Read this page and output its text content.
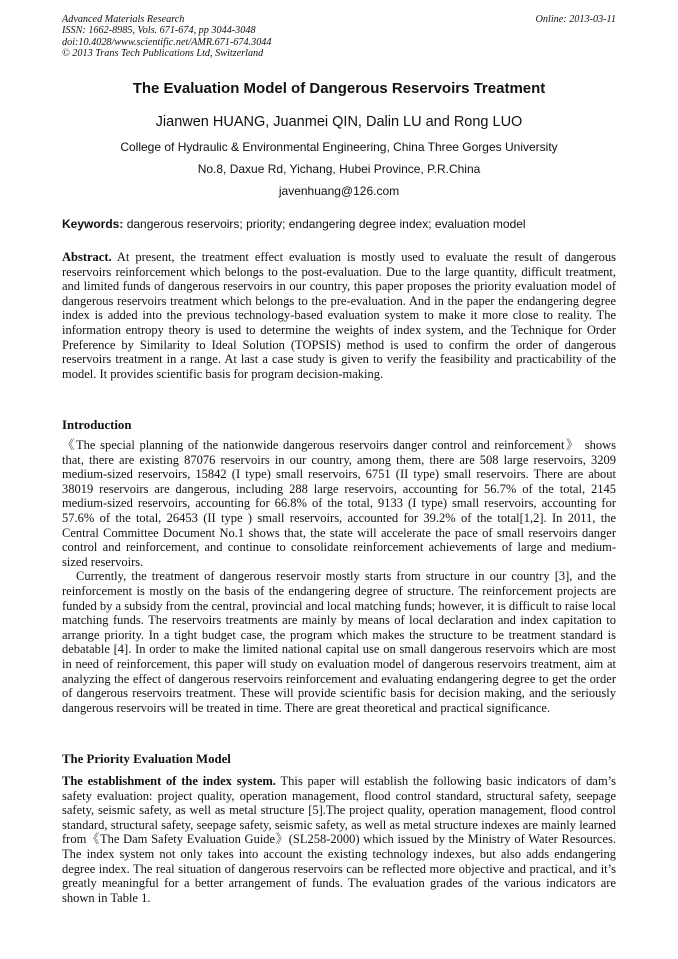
Advanced Materials Research
ISSN: 1662-8985, Vols. 671-674, pp 3044-3048
doi:10.4028/www.scientific.net/AMR.671-674.3044
© 2013 Trans Tech Publications Ltd, Switzerland
Online: 2013-03-11
The Evaluation Model of Dangerous Reservoirs Treatment
Jianwen HUANG, Juanmei QIN, Dalin LU and Rong LUO
College of Hydraulic & Environmental Engineering, China Three Gorges University
No.8, Daxue Rd, Yichang, Hubei Province, P.R.China
javenhuang@126.com
Keywords: dangerous reservoirs; priority; endangering degree index; evaluation model

Abstract. At present, the treatment effect evaluation is mostly used to evaluate the result of dangerous reservoirs reinforcement which belongs to the post-evaluation. Due to the large quantity, difficult treatment, and limited funds of dangerous reservoirs in our country, this paper proposes the priority evaluation model of dangerous reservoirs treatment which belongs to the pre-evaluation. And in the paper the endangering degree index is added into the previous technology-based evaluation system to make it more close to reality. The information entropy theory is used to determine the weights of index system, and the Technique for Order Preference by Similarity to Ideal Solution (TOPSIS) method is used to confirm the order of dangerous reservoirs treatment in a range. At last a case study is given to verify the feasibility and practicability of the model. It provides scientific basis for program decision-making.

Introduction

《The special planning of the nationwide dangerous reservoirs danger control and reinforcement》 shows that, there are existing 87076 reservoirs in our country, among them, there are 508 large reservoirs, 3209 medium-sized reservoirs, 15842 (I type) small reservoirs, 6751 (II type) small reservoirs. There are about 38019 reservoirs are dangerous, including 288 large reservoirs, accounting for 56.7% of the total, 2145 medium-sized reservoirs, accounting for 66.8% of the total, 9133 (I type) small reservoirs, accounting for 57.6% of the total, 26453 (II type ) small reservoirs, accounted for 39.2% of the total[1,2]. In 2011, the Central Committee Document No.1 shows that, the state will accelerate the pace of small reservoirs danger control and reinforcement, and continue to consolidate reinforcement achievements of large and medium-sized reservoirs.

Currently, the treatment of dangerous reservoir mostly starts from structure in our country [3], and the reinforcement is mostly on the basis of the endangering degree of structure. The reinforcement projects are funded by a subsidy from the central, provincial and local matching funds; however, it is difficult to raise local matching funds. The reservoirs treatments are mainly by means of local declaration and index capitation to arrange priority. In a tight budget case, the program which makes the structure to be treatment standard is debatable [4]. In order to make the limited national capital use on small dangerous reservoirs which are most in need of reinforcement, this paper will study on evaluation model of dangerous reservoirs treatment, aim at analyzing the effect of dangerous reservoirs reinforcement and evaluating endangering degree to get the order of dangerous reservoirs treatment. These will provide scientific basis for decision making, and the seriously dangerous reservoirs will be treated in time. There are great theoretical and practical significance.

The Priority Evaluation Model

The establishment of the index system. This paper will establish the following basic indicators of dam’s safety evaluation: project quality, operation management, flood control standard, structural safety, seepage safety, seismic safety, as well as metal structure [5].The project quality, operation management, flood control standard, structural safety, seepage safety, seismic safety, as well as metal structure indexes are mainly learned from《The Dam Safety Evaluation Guide》(SL258-2000) which issued by the Ministry of Water Resources. The index system not only takes into account the existing technology indexes, but also adds endangering degree index. The real situation of dangerous reservoirs can be reflected more objective and practical, and it’s greatly meaningful for a better arrangement of funds. The evaluation grades of the various indicators are shown in Table 1.
